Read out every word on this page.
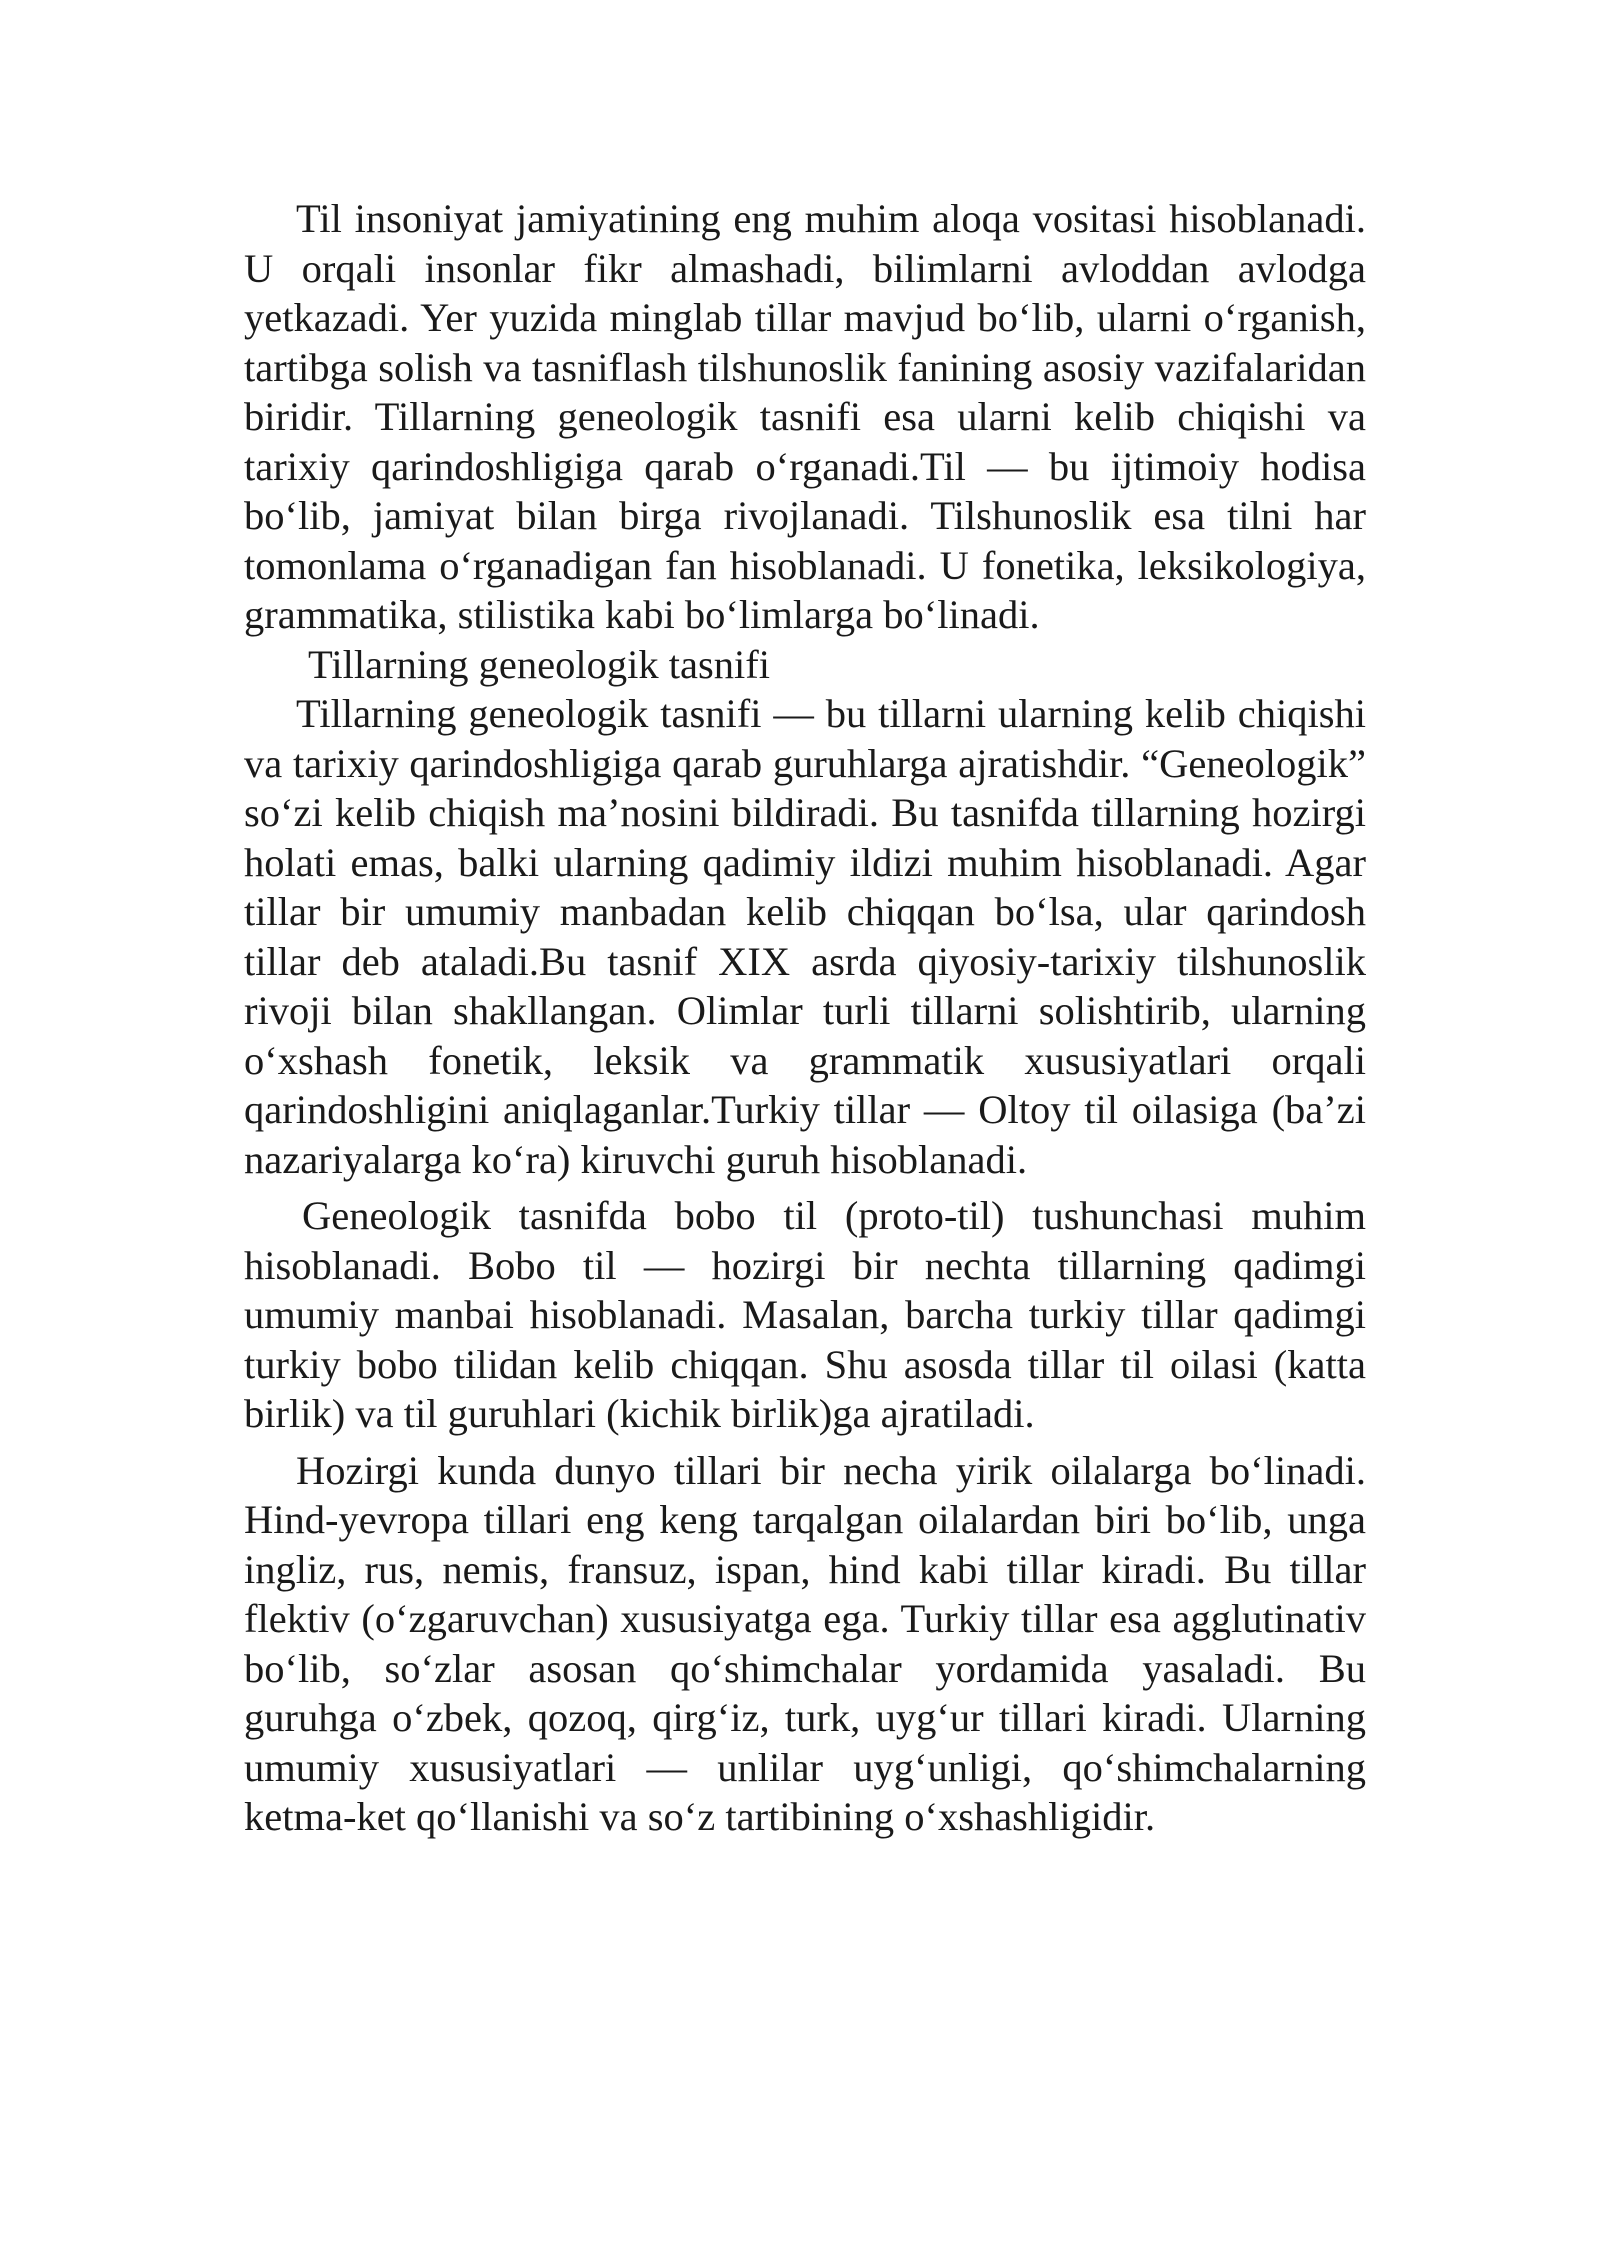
Til insoniyat jamiyatining eng muhim aloqa vositasi hisoblanadi. U orqali insonlar fikr almashadi, bilimlarni avloddan avlodga yetkazadi. Yer yuzida minglab tillar mavjud bo‘lib, ularni o‘rganish, tartibga solish va tasniflash tilshunoslik fanining asosiy vazifalaridan biridir. Tillarning geneologik tasnifi esa ularni kelib chiqishi va tarixiy qarindoshligiga qarab o‘rganadi.Til — bu ijtimoiy hodisa bo‘lib, jamiyat bilan birga rivojlanadi. Tilshunoslik esa tilni har tomonlama o‘rganadigan fan hisoblanadi. U fonetika, leksikologiya, grammatika, stilistika kabi bo‘limlarga bo‘linadi.

Tillarning geneologik tasnifi

Tillarning geneologik tasnifi — bu tillarni ularning kelib chiqishi va tarixiy qarindoshligiga qarab guruhlarga ajratishdir. “Geneologik” so‘zi kelib chiqish ma’nosini bildiradi. Bu tasnifda tillarning hozirgi holati emas, balki ularning qadimiy ildizi muhim hisoblanadi. Agar tillar bir umumiy manbadan kelib chiqqan bo‘lsa, ular qarindosh tillar deb ataladi.Bu tasnif XIX asrda qiyosiy-tarixiy tilshunoslik rivoji bilan shakllangan. Olimlar turli tillarni solishtirib, ularning o‘xshash fonetik, leksik va grammatik xususiyatlari orqali qarindoshligini aniqlaganlar.Turkiy tillar — Oltoy til oilasiga (ba’zi nazariyalarga ko‘ra) kiruvchi guruh hisoblanadi.

Geneologik tasnifda bobo til (proto-til) tushunchasi muhim hisoblanadi. Bobo til — hozirgi bir nechta tillarning qadimgi umumiy manbai hisoblanadi. Masalan, barcha turkiy tillar qadimgi turkiy bobo tilidan kelib chiqqan. Shu asosda tillar til oilasi (katta birlik) va til guruhlari (kichik birlik)ga ajratiladi.

Hozirgi kunda dunyo tillari bir necha yirik oilalarga bo‘linadi. Hind-yevropa tillari eng keng tarqalgan oilalardan biri bo‘lib, unga ingliz, rus, nemis, fransuz, ispan, hind kabi tillar kiradi. Bu tillar flektiv (o‘zgaruvchan) xususiyatga ega. Turkiy tillar esa agglutinativ bo‘lib, so‘zlar asosan qo‘shimchalar yordamida yasaladi. Bu guruhga o‘zbek, qozoq, qirg‘iz, turk, uyg‘ur tillari kiradi. Ularning umumiy xususiyatlari — unlilar uyg‘unligi, qo‘shimchalarning ketma-ket qo‘llanishi va so‘z tartibining o‘xshashligidir.
